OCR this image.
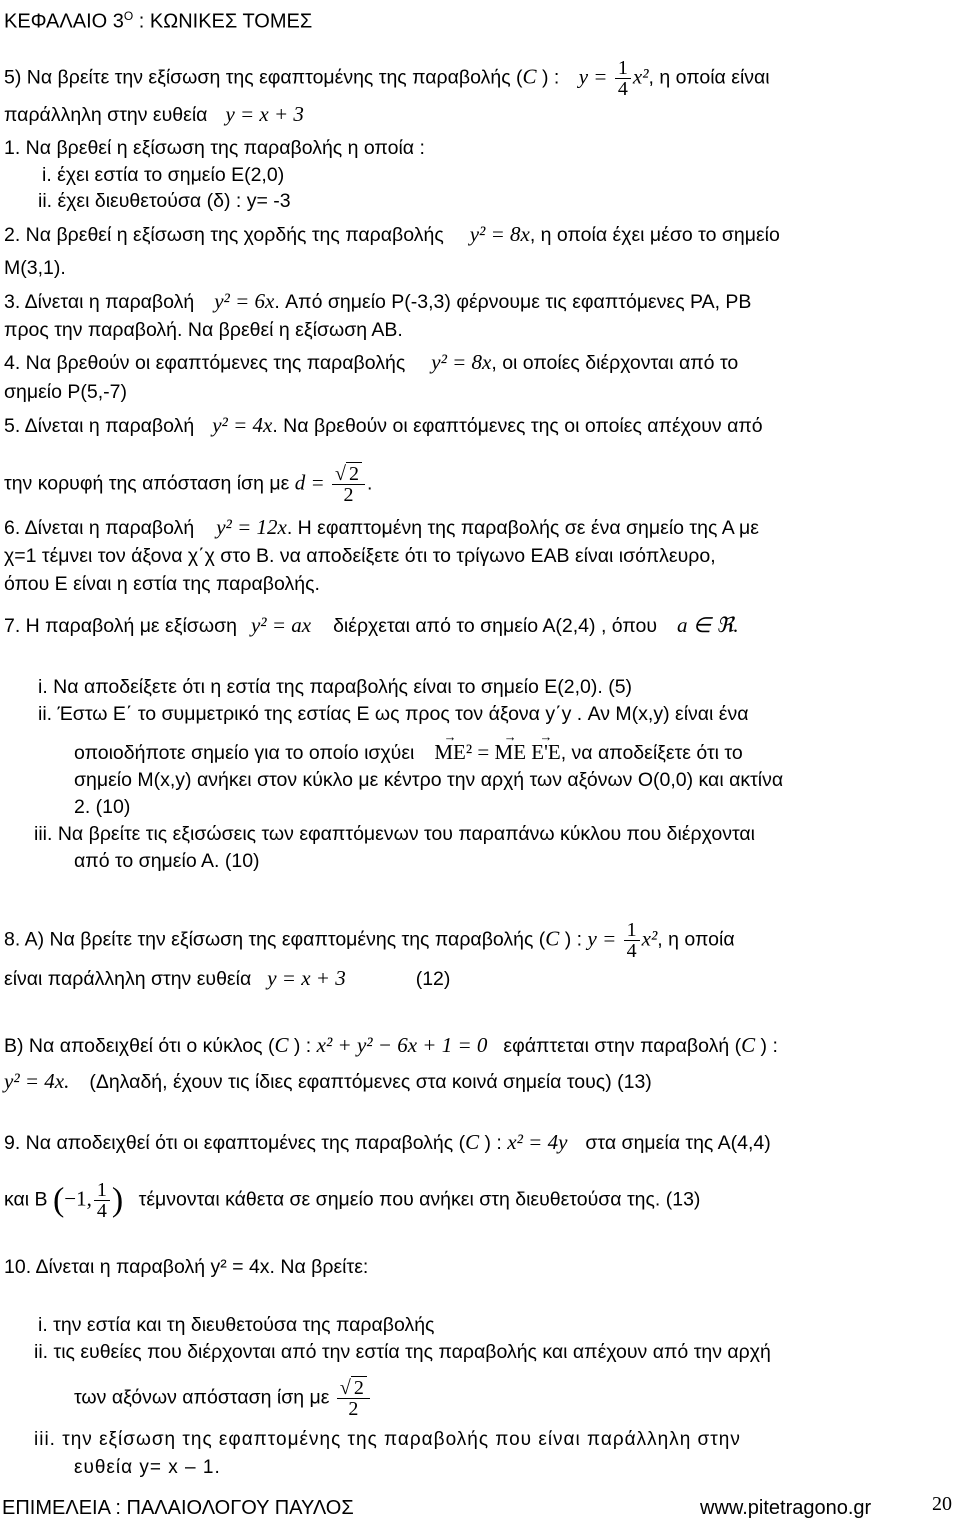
ΚΕΦΑΛΑΙΟ $3^O$ : ΚΩΝΙΚΕΣ ΤΟΜΕΣ
5) Να βρείτε την εξίσωση της εφαπτομένης της παραβολής (C ) : $y = \frac{1}{4} x^2$, η οποία είναι
παράλληλη στην ευθεία y = x + 3
1. Να βρεθεί η εξίσωση της παραβολής η οποία :
i. έχει εστία το σημείο Ε(2,0)
ii. έχει διευθετούσα (δ) : y= -3
2. Να βρεθεί η εξίσωση της χορδής της παραβολής y² = 8x, η οποία έχει μέσο το σημείο
Μ(3,1).
3. Δίνεται η παραβολή y² = 6x. Από σημείο Ρ(-3,3) φέρνουμε τις εφαπτόμενες ΡΑ, ΡΒ
προς την παραβολή. Να βρεθεί η εξίσωση ΑΒ.
4. Να βρεθούν οι εφαπτόμενες της παραβολής y² = 8x, οι οποίες διέρχονται από το
σημείο Ρ(5,-7)
5. Δίνεται η παραβολή y² = 4x. Να βρεθούν οι εφαπτόμενες της οι οποίες απέχουν από
την κορυφή της απόσταση ίση με $d = \frac{√ 2}{2}$ .
6. Δίνεται η παραβολή y² = 12x. Η εφαπτομένη της παραβολής σε ένα σημείο της Α με
χ=1 τέμνει τον άξονα χ΄χ στο Β. να αποδείξετε ότι το τρίγωνο ΕΑΒ είναι ισόπλευρο,
όπου Ε είναι η εστία της παραβολής.
7. Η παραβολή με εξίσωση y² = ax διέρχεται από το σημείο Α(2,4) , όπου a ∈ ℜ.
i. Να αποδείξετε ότι η εστία της παραβολής είναι το σημείο Ε(2,0). (5)
ii. Έστω Ε΄ το συμμετρικό της εστίας Ε ως προς τον άξονα y΄y . Αν Μ(x,y) είναι ένα
οποιοδήποτε σημείο για το οποίο ισχύει → ME² = → ME → E'E, να αποδείξετε ότι το
σημείο Μ(x,y) ανήκει στον κύκλο με κέντρο την αρχή των αξόνων Ο(0,0) και ακτίνα
2. (10)
iii. Να βρείτε τις εξισώσεις των εφαπτόμενων του παραπάνω κύκλου που διέρχονται
από το σημείο Α. (10)
8. Α) Να βρείτε την εξίσωση της εφαπτομένης της παραβολής (C ) : $y = \frac{1}{4} x^2$, η οποία
είναι παράλληλη στην ευθεία y = x + 3	(12)
Β) Να αποδειχθεί ότι ο κύκλος (C ) : x² + y² − 6x + 1 = 0 εφάπτεται στην παραβολή (C ) :
y² = 4x. (Δηλαδή, έχουν τις ίδιες εφαπτόμενες στα κοινά σημεία τους) (13)
9. Να αποδειχθεί ότι οι εφαπτομένες της παραβολής (C ) : x² = 4y στα σημεία της Α(4,4)
και Β (−1, $\frac{1}{4}$ ) τέμνονται κάθετα σε σημείο που ανήκει στη διευθετούσα της. (13)
10. Δίνεται η παραβολή y² = 4x. Να βρείτε:
i. την εστία και τη διευθετούσα της παραβολής
ii. τις ευθείες που διέρχονται από την εστία της παραβολής και απέχουν από την αρχή
των αξόνων απόσταση ίση με $\frac{√ 2}{2}$
iii. την εξίσωση της εφαπτομένης της παραβολής που είναι παράλληλη στην
ευθεία y= x – 1.
ΕΠΙΜΕΛΕΙΑ : ΠΑΛΑΙΟΛΟΓΟΥ ΠΑΥΛΟΣ	www.pitetragono.gr	20
